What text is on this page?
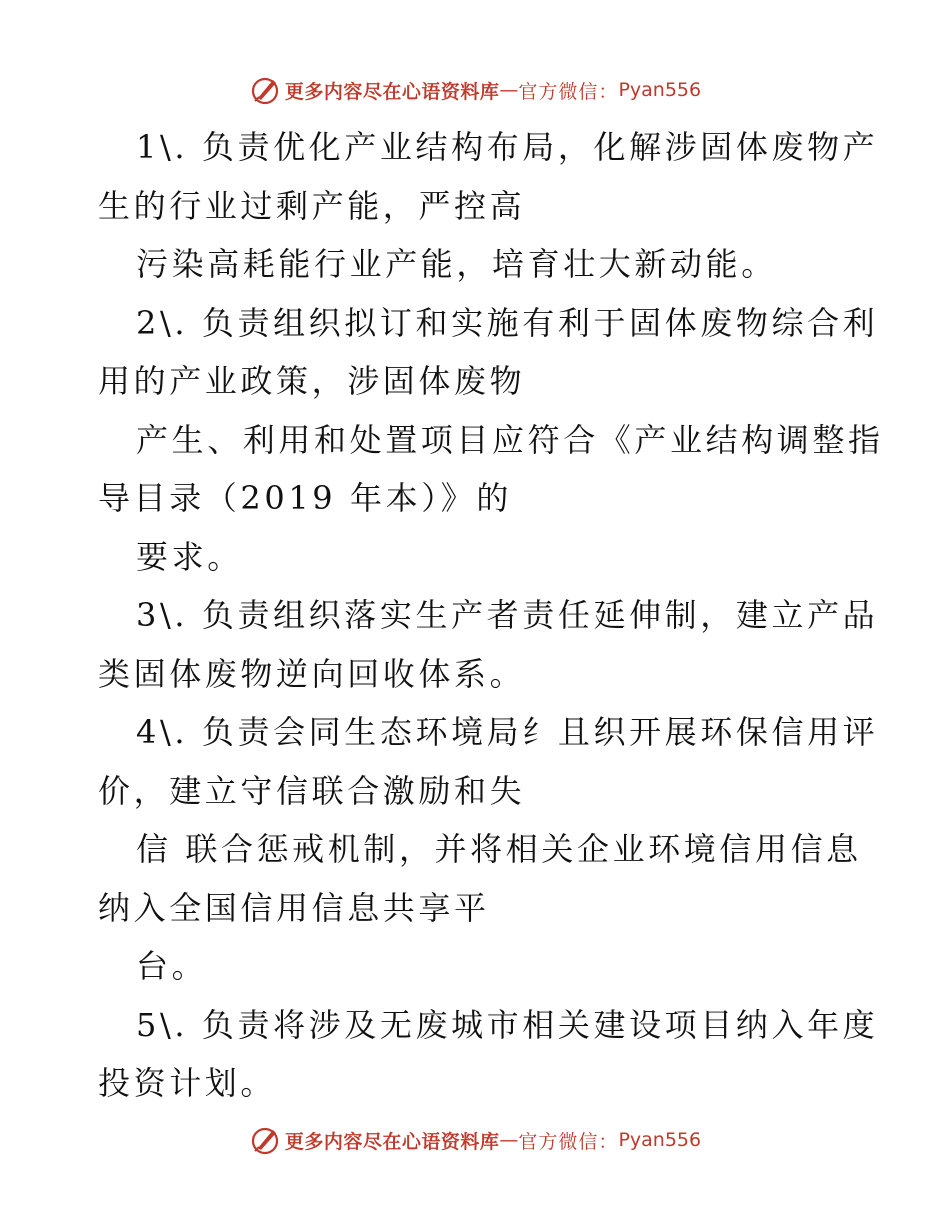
更多内容尽在心语资料库 — 官方微信： Pyan556
1\. 负责优化产业结构布局，化解涉固体废物产
生的行业过剩产能，严控高
污染高耗能行业产能，培育壮大新动能。
2\. 负责组织拟订和实施有利于固体废物综合利
用的产业政策，涉固体废物
产生、利用和处置项目应符合《产业结构调整指
导目录（2019 年本）》的
要求。
3\. 负责组织落实生产者责任延伸制，建立产品
类固体废物逆向回收体系。
4\. 负责会同生态环境局纟且织开展环保信用评
价，建立守信联合激励和失
信 联合惩戒机制，并将相关企业环境信用信息
纳入全国信用信息共享平
台。
5\. 负责将涉及无废城市相关建设项目纳入年度
投资计划。
更多内容尽在心语资料库 — 官方微信： Pyan556
